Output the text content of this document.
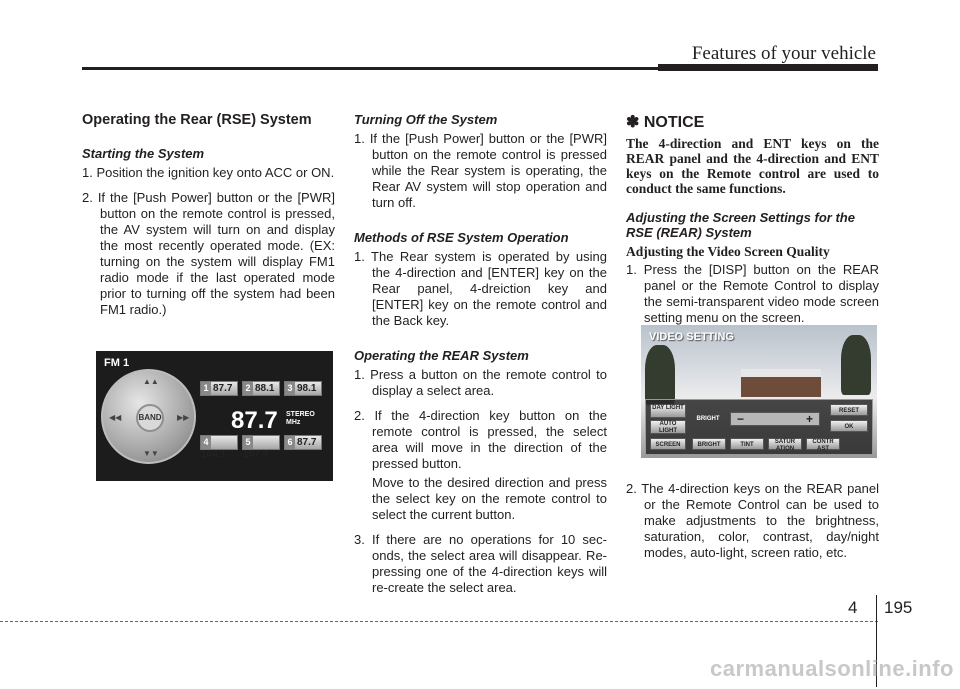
Features of your vehicle
Operating the Rear (RSE) System
Starting the System
1. Position the ignition key onto ACC or ON.
2. If the [Push Power] button or the [PWR] button on the remote control is pressed, the AV system will turn on and display the most recently operated mode. (EX: turning on the system will display FM1 radio mode if the last operated mode prior to turning off the system had been FM1 radio.)
FM 1
▲▲
▼▼
◀◀	▶▶
BAND
1 87.7	2 88.1	3 98.1
87.7 STEREO
MHz
4104.1
5107.9
6 87.7
Turning Off the System
1. If the [Push Power] button or the [PWR] button on the remote control is pressed while the Rear system is operating, the Rear AV system will stop operation and turn off.
Methods of RSE System Operation
1. The Rear system is operated by using the 4-direction and [ENTER] key on the Rear panel, 4-dreiction key and [ENTER] key on the remote control and the Back key.
Operating the REAR System
1. Press a button on the remote control to display a select area.
2. If the 4-direction key button on the remote control is pressed, the select area will move in the direction of the pressed button.
Move to the desired direction and press the select key on the remote control to select the current button.
3. If there are no operations for 10 sec-onds, the select area will disappear. Re-pressing one of the 4-direction keys will re-create the select area.
✽ NOTICE
The 4-direction and ENT keys on the REAR panel and the 4-direction and ENT keys on the Remote control are used to conduct the same functions.
Adjusting the Screen Settings for the RSE (REAR) System
Adjusting the Video Screen Quality
1. Press the [DISP] button on the REAR panel or the Remote Control to display the semi-transparent video mode screen setting menu on the screen.
2. The 4-direction keys on the REAR panel or the Remote Control can be used to make adjustments to the brightness, saturation, color, contrast, day/night modes, auto-light, screen ratio, etc.
VIDEO SETTING
DAY LIGHT
AUTO LIGHT
SCREEN
BRIGHT −	+
RESET
OK
BRIGHT	TINT	SATUR ATION
CONTR AST
4 195
carmanualsonline.info
